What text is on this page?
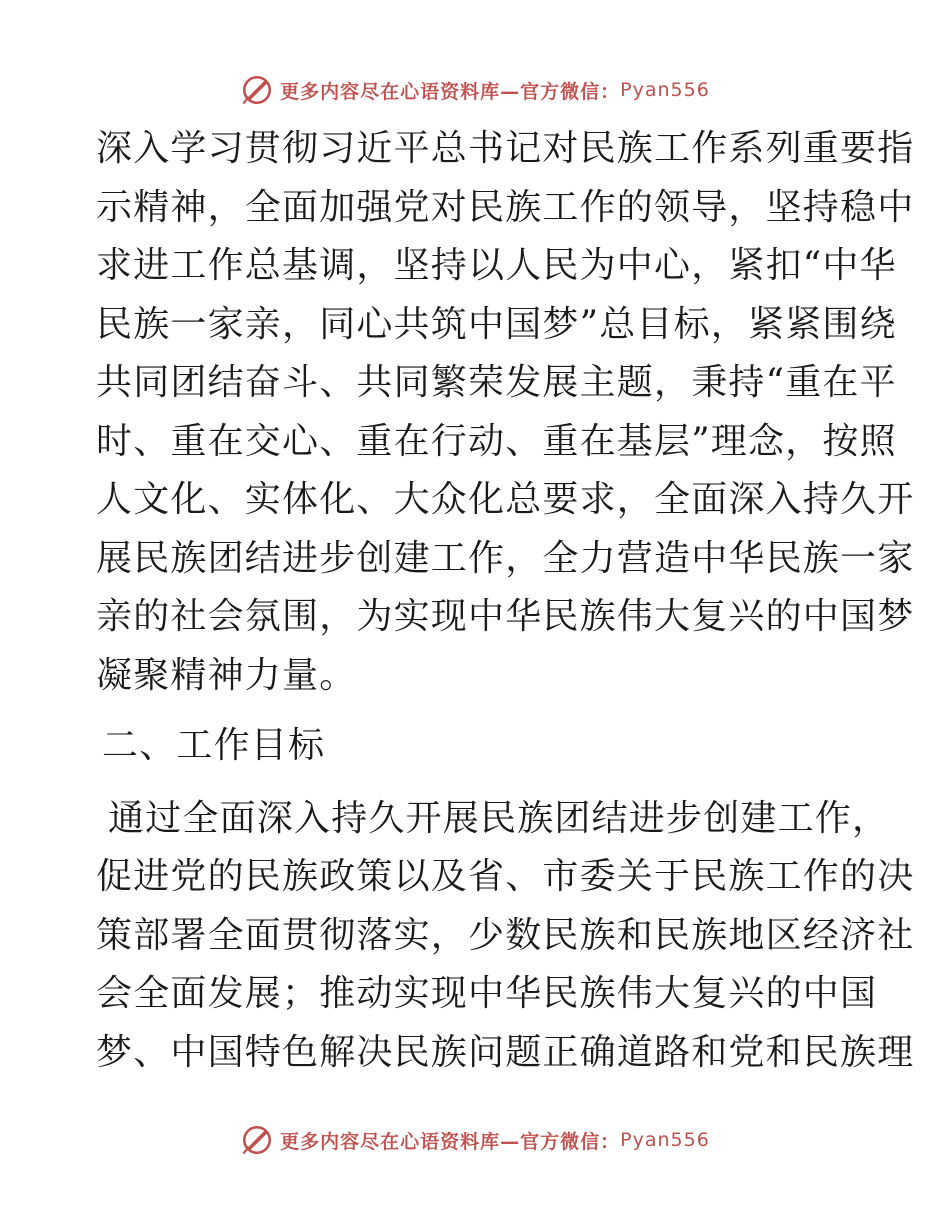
更多内容尽在心语资料库—官方微信： Pyan556
深入学习贯彻习近平总书记对民族工作系列重要指
示精神，全面加强党对民族工作的领导，坚持稳中
求进工作总基调，坚持以人民为中心，紧扣“中华
民族一家亲，同心共筑中国梦”总目标，紧紧围绕
共同团结奋斗、共同繁荣发展主题，秉持“重在平
时、重在交心、重在行动、重在基层”理念，按照
人文化、实体化、大众化总要求，全面深入持久开
展民族团结进步创建工作，全力营造中华民族一家
亲的社会氛围，为实现中华民族伟大复兴的中国梦
凝聚精神力量。
二、工作目标
通过全面深入持久开展民族团结进步创建工作，
促进党的民族政策以及省、市委关于民族工作的决
策部署全面贯彻落实，少数民族和民族地区经济社
会全面发展；推动实现中华民族伟大复兴的中国
梦、中国特色解决民族问题正确道路和党和民族理
更多内容尽在心语资料库—官方微信： Pyan556
